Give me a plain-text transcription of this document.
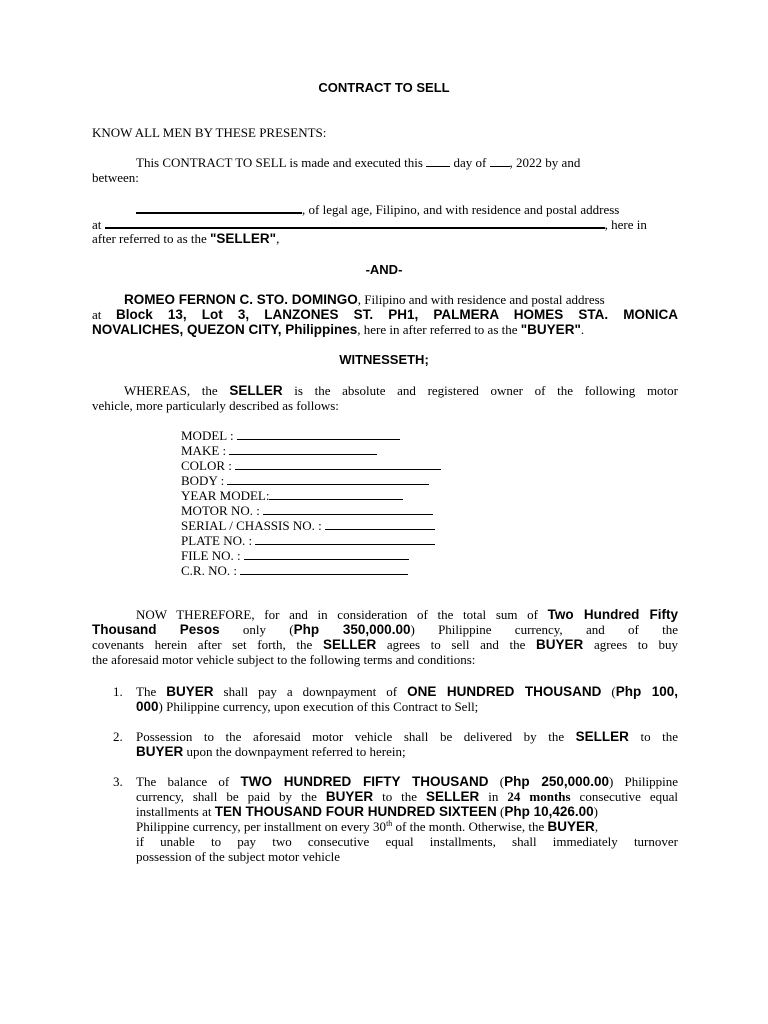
CONTRACT TO SELL
KNOW ALL MEN BY THESE PRESENTS:
This CONTRACT TO SELL is made and executed this day of , 2022 by and
between:
, of legal age, Filipino, and with residence and postal address
at	, here in
after referred to as the "SELLER",
-AND-
ROMEO FERNON C. STO. DOMINGO, Filipino and with residence and postal address
at Block 13, Lot 3, LANZONES ST. PH1, PALMERA HOMES STA. MONICA
NOVALICHES, QUEZON CITY, Philippines, here in after referred to as the "BUYER".
WITNESSETH;
WHEREAS, the SELLER is the absolute and registered owner of the following motor
vehicle, more particularly described as follows:
MODEL :
MAKE :
COLOR :
BODY :
YEAR MODEL:
MOTOR NO. :
SERIAL / CHASSIS NO. :
PLATE NO. :
FILE NO. :
C.R. NO. :
NOW THEREFORE, for and in consideration of the total sum of Two Hundred Fifty
Thousand Pesos only (Php 350,000.00) Philippine currency, and of the
covenants herein after set forth, the SELLER agrees to sell and the BUYER agrees to buy
the aforesaid motor vehicle subject to the following terms and conditions:
1. The BUYER shall pay a downpayment of ONE HUNDRED THOUSAND (Php 100,
000) Philippine currency, upon execution of this Contract to Sell;
2. Possession to the aforesaid motor vehicle shall be delivered by the SELLER to the
BUYER upon the downpayment referred to herein;
3. The balance of TWO HUNDRED FIFTY THOUSAND (Php 250,000.00) Philippine
currency, shall be paid by the BUYER to the SELLER in 24 months consecutive equal
installments at TEN THOUSAND FOUR HUNDRED SIXTEEN (Php 10,426.00)
Philippine currency, per installment on every 30th of the month. Otherwise, the BUYER,
if unable to pay two consecutive equal installments, shall immediately turnover
possession of the subject motor vehicle
